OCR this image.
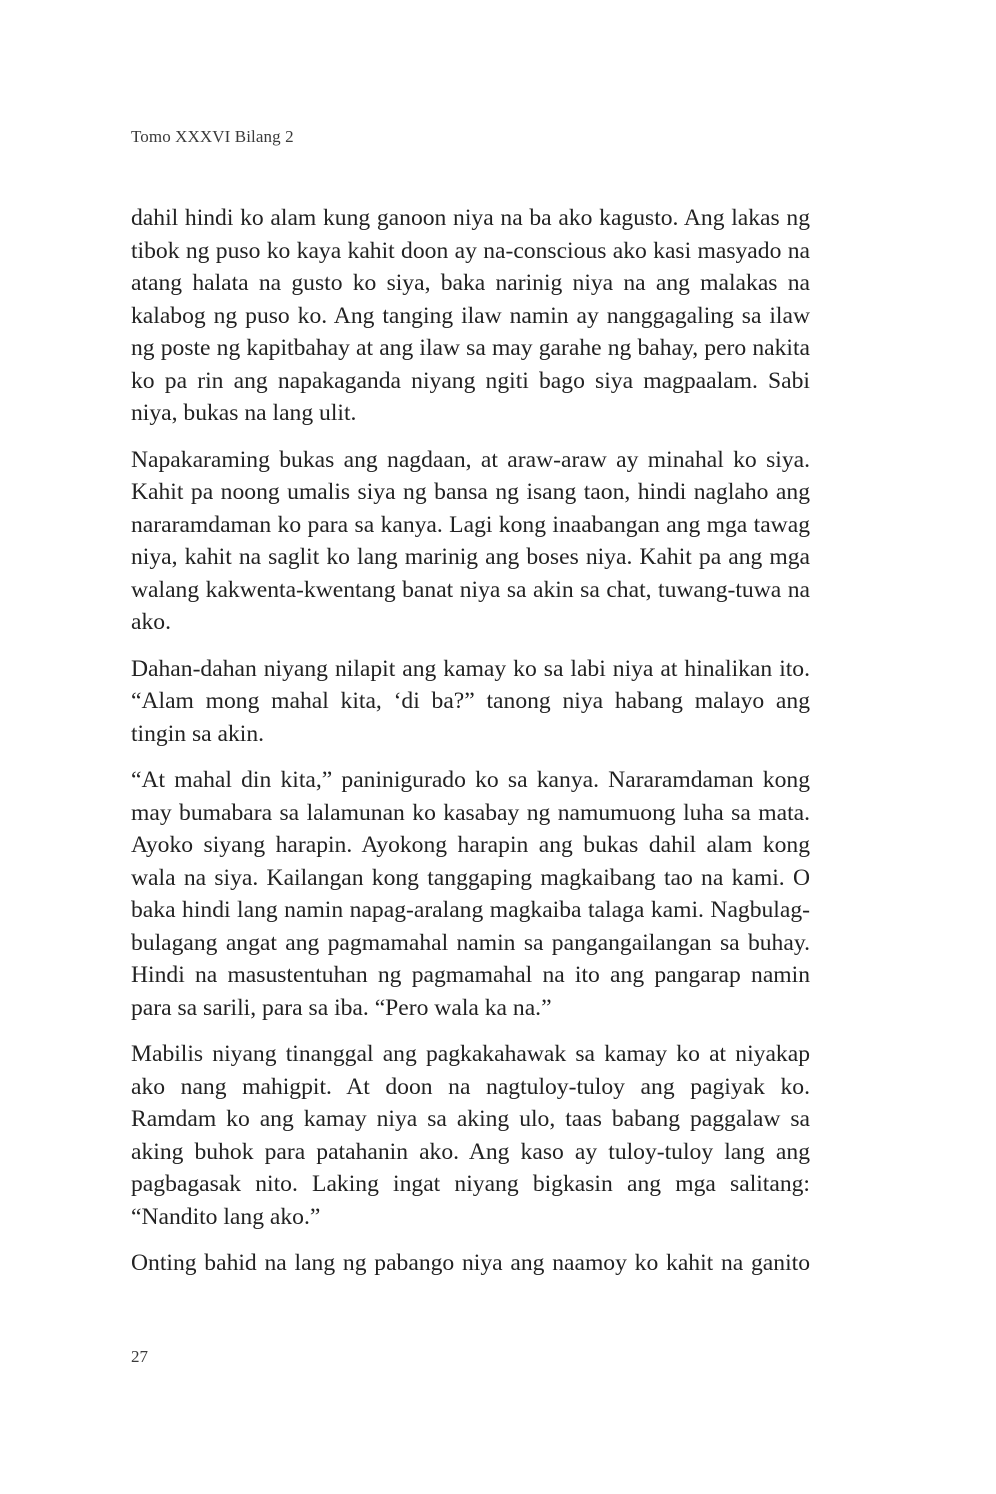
Tomo XXXVI Bilang 2

dahil hindi ko alam kung ganoon niya na ba ako kagusto. Ang lakas ng tibok ng puso ko kaya kahit doon ay na-conscious ako kasi masyado na atang halata na gusto ko siya, baka narinig niya na ang malakas na kalabog ng puso ko. Ang tanging ilaw namin ay nanggagaling sa ilaw ng poste ng kapitbahay at ang ilaw sa may garahe ng bahay, pero nakita ko pa rin ang napakaganda niyang ngiti bago siya magpaalam. Sabi niya, bukas na lang ulit.

Napakaraming bukas ang nagdaan, at araw-araw ay minahal ko siya. Kahit pa noong umalis siya ng bansa ng isang taon, hindi naglaho ang nararamdaman ko para sa kanya. Lagi kong inaabangan ang mga tawag niya, kahit na saglit ko lang marinig ang boses niya. Kahit pa ang mga walang kakwenta-kwentang banat niya sa akin sa chat, tuwang-tuwa na ako.

Dahan-dahan niyang nilapit ang kamay ko sa labi niya at hinalikan ito. “Alam mong mahal kita, ‘di ba?” tanong niya habang malayo ang tingin sa akin.

“At mahal din kita,” paninigurado ko sa kanya. Nararamdaman kong may bumabara sa lalamunan ko kasabay ng namumuong luha sa mata. Ayoko siyang harapin. Ayokong harapin ang bukas dahil alam kong wala na siya. Kailangan kong tanggaping magkaibang tao na kami. O baka hindi lang namin napag-aralang magkaiba talaga kami. Nagbulag-bulagang angat ang pagmamahal namin sa pangangailangan sa buhay. Hindi na masustentuhan ng pagmamahal na ito ang pangarap namin para sa sarili, para sa iba. “Pero wala ka na.”

Mabilis niyang tinanggal ang pagkakahawak sa kamay ko at niyakap ako nang mahigpit. At doon na nagtuloy-tuloy ang pagiyak ko. Ramdam ko ang kamay niya sa aking ulo, taas babang paggalaw sa aking buhok para patahanin ako. Ang kaso ay tuloy-tuloy lang ang pagbagasak nito. Laking ingat niyang bigkasin ang mga salitang: “Nandito lang ako.”

Onting bahid na lang ng pabango niya ang naamoy ko kahit na ganito

27
